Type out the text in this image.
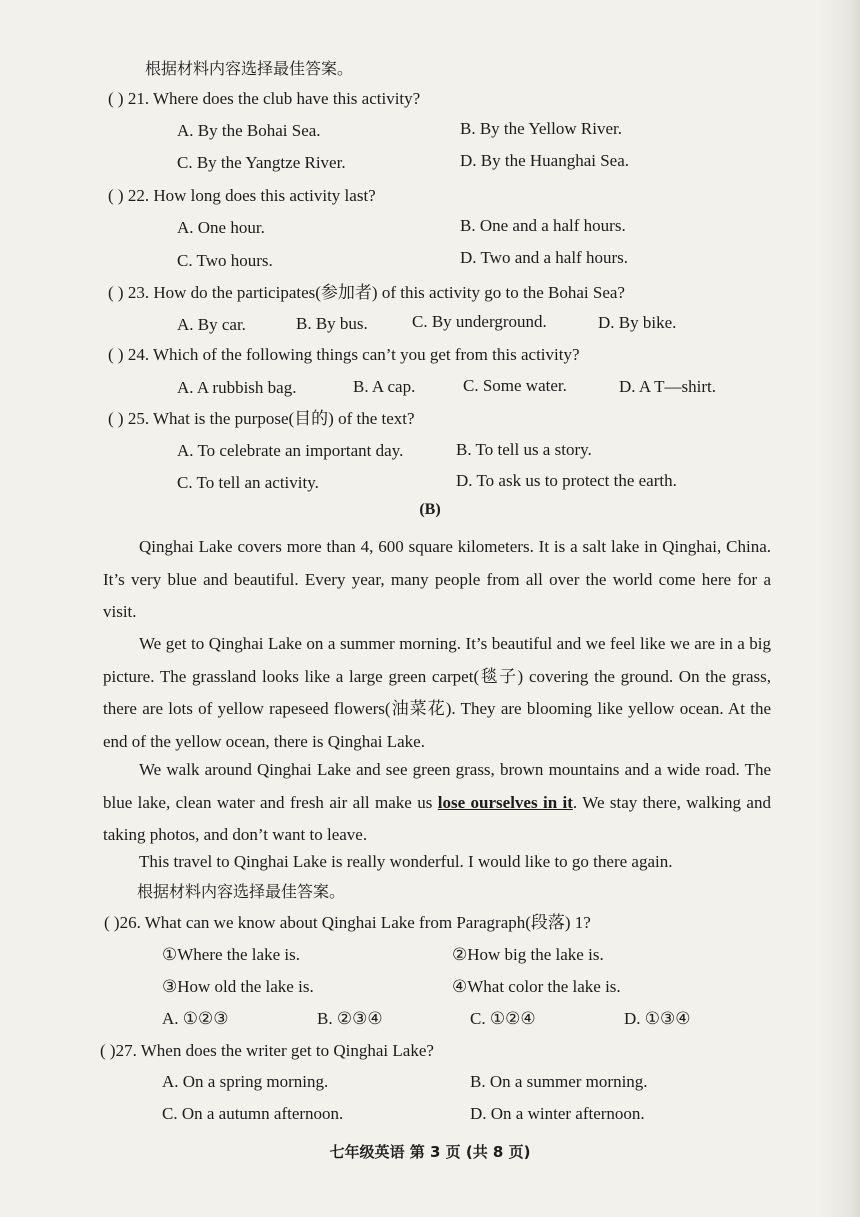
根据材料内容选择最佳答案。
( ) 21. Where does the club have this activity?
A. By the Bohai Sea.	B. By the Yellow River.
C. By the Yangtze River.	D. By the Huanghai Sea.
( ) 22. How long does this activity last?
A. One hour.	B. One and a half hours.
C. Two hours.	D. Two and a half hours.
( ) 23. How do the participates(参加者) of this activity go to the Bohai Sea?
A. By car.	B. By bus.	C. By underground.	D. By bike.
( ) 24. Which of the following things can’t you get from this activity?
A. A rubbish bag.	B. A cap.	C. Some water.	D. A T—shirt.
( ) 25. What is the purpose(目的) of the text?
A. To celebrate an important day.	B. To tell us a story.
C. To tell an activity.	D. To ask us to protect the earth.
(B)
Qinghai Lake covers more than 4, 600 square kilometers. It is a salt lake in Qinghai, China. It’s very blue and beautiful. Every year, many people from all over the world come here for a visit.
We get to Qinghai Lake on a summer morning. It’s beautiful and we feel like we are in a big picture. The grassland looks like a large green carpet(毯子) covering the ground. On the grass, there are lots of yellow rapeseed flowers(油菜花). They are blooming like yellow ocean. At the end of the yellow ocean, there is Qinghai Lake.
We walk around Qinghai Lake and see green grass, brown mountains and a wide road. The blue lake, clean water and fresh air all make us lose ourselves in it. We stay there, walking and taking photos, and don’t want to leave.
This travel to Qinghai Lake is really wonderful. I would like to go there again.
根据材料内容选择最佳答案。
( )26. What can we know about Qinghai Lake from Paragraph(段落) 1?
①Where the lake is.	②How big the lake is.
③How old the lake is.	④What color the lake is.
A. ①②③	B. ②③④	C. ①②④	D. ①③④
( )27. When does the writer get to Qinghai Lake?
A. On a spring morning.	B. On a summer morning.
C. On a autumn afternoon.	D. On a winter afternoon.
七年级英语 第 3 页 (共 8 页)
